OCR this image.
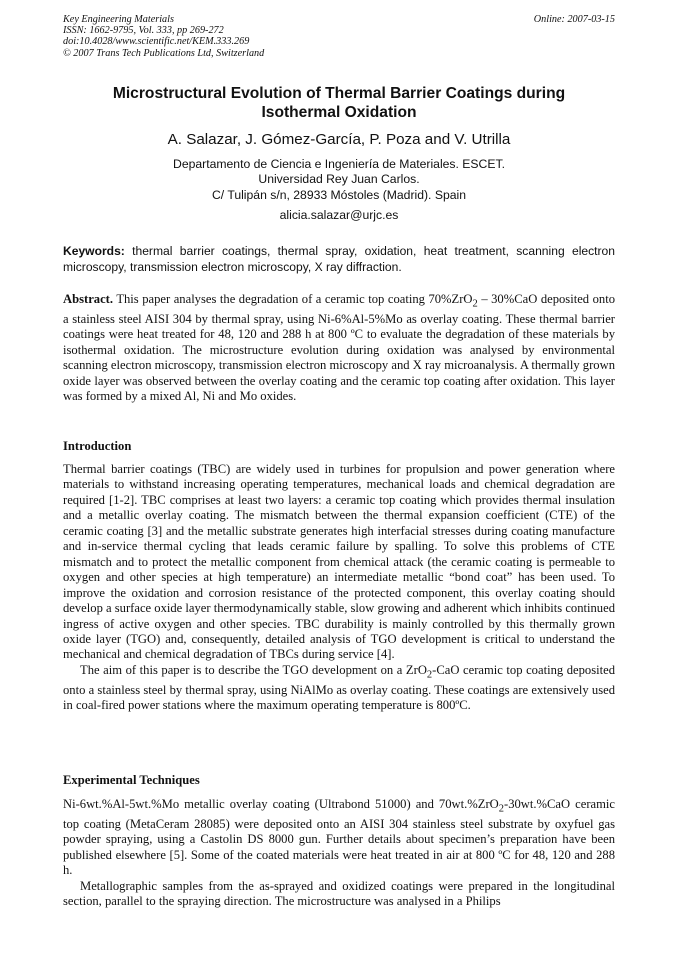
Key Engineering Materials
ISSN: 1662-9795, Vol. 333, pp 269-272
doi:10.4028/www.scientific.net/KEM.333.269
© 2007 Trans Tech Publications Ltd, Switzerland
Online: 2007-03-15
Microstructural Evolution of Thermal Barrier Coatings during Isothermal Oxidation
A. Salazar, J. Gómez-García, P. Poza and V. Utrilla
Departamento de Ciencia e Ingeniería de Materiales. ESCET.
Universidad Rey Juan Carlos.
C/ Tulipán s/n, 28933 Móstoles (Madrid). Spain
alicia.salazar@urjc.es
Keywords: thermal barrier coatings, thermal spray, oxidation, heat treatment, scanning electron microscopy, transmission electron microscopy, X ray diffraction.
Abstract. This paper analyses the degradation of a ceramic top coating 70%ZrO$_2$ – 30%CaO deposited onto a stainless steel AISI 304 by thermal spray, using Ni-6%Al-5%Mo as overlay coating. These thermal barrier coatings were heat treated for 48, 120 and 288 h at 800 ºC to evaluate the degradation of these materials by isothermal oxidation. The microstructure evolution during oxidation was analysed by environmental scanning electron microscopy, transmission electron microscopy and X ray microanalysis. A thermally grown oxide layer was observed between the overlay coating and the ceramic top coating after oxidation. This layer was formed by a mixed Al, Ni and Mo oxides.
Introduction

Thermal barrier coatings (TBC) are widely used in turbines for propulsion and power generation where materials to withstand increasing operating temperatures, mechanical loads and chemical degradation are required [1-2]. TBC comprises at least two layers: a ceramic top coating which provides thermal insulation and a metallic overlay coating. The mismatch between the thermal expansion coefficient (CTE) of the ceramic coating [3] and the metallic substrate generates high interfacial stresses during coating manufacture and in-service thermal cycling that leads ceramic failure by spalling. To solve this problems of CTE mismatch and to protect the metallic component from chemical attack (the ceramic coating is permeable to oxygen and other species at high temperature) an intermediate metallic “bond coat” has been used. To improve the oxidation and corrosion resistance of the protected component, this overlay coating should develop a surface oxide layer thermodynamically stable, slow growing and adherent which inhibits continued ingress of active oxygen and other species. TBC durability is mainly controlled by this thermally grown oxide layer (TGO) and, consequently, detailed analysis of TGO development is critical to understand the mechanical and chemical degradation of TBCs during service [4].

The aim of this paper is to describe the TGO development on a ZrO$_2$-CaO ceramic top coating deposited onto a stainless steel by thermal spray, using NiAlMo as overlay coating. These coatings are extensively used in coal-fired power stations where the maximum operating temperature is 800ºC.

Experimental Techniques

Ni-6wt.%Al-5wt.%Mo metallic overlay coating (Ultrabond 51000) and 70wt.%ZrO$_2$-30wt.%CaO ceramic top coating (MetaCeram 28085) were deposited onto an AISI 304 stainless steel substrate by oxyfuel gas powder spraying, using a Castolin DS 8000 gun. Further details about specimen’s preparation have been published elsewhere [5]. Some of the coated materials were heat treated in air at 800 ºC for 48, 120 and 288 h.

Metallographic samples from the as-sprayed and oxidized coatings were prepared in the longitudinal section, parallel to the spraying direction. The microstructure was analysed in a Philips
